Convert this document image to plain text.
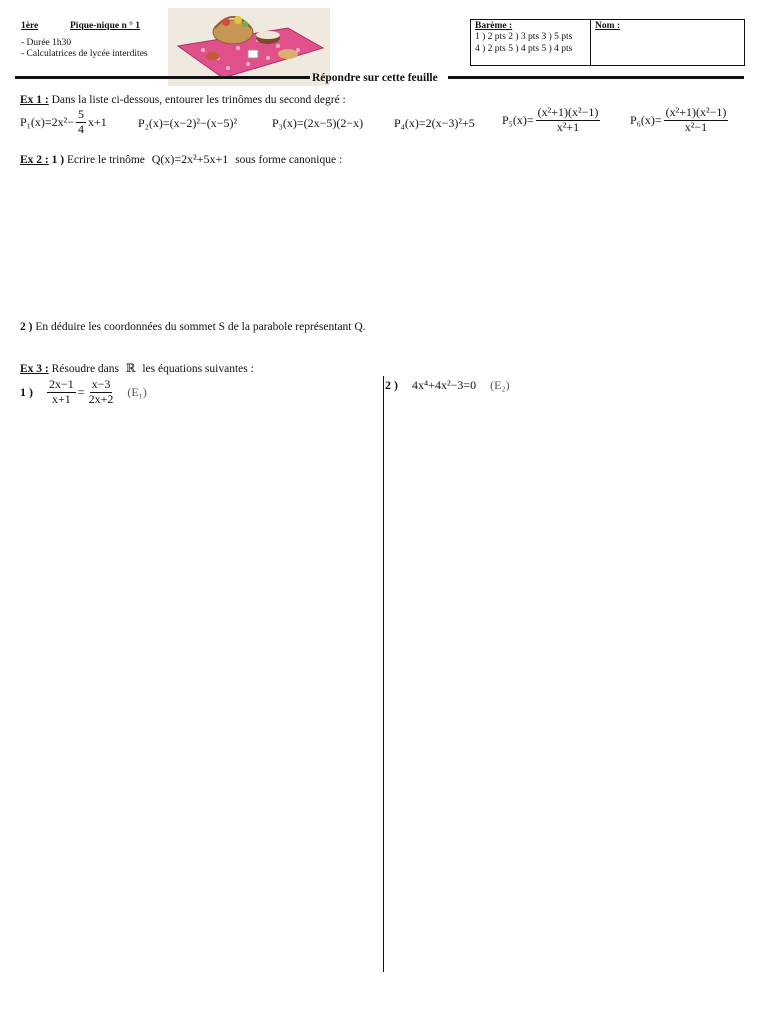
1ère	Pique-nique n ° 1
- Durée 1h30
- Calculatrices de lycée interdites
Barème :
1 ) 2 pts 2 ) 3 pts 3 ) 5 pts
4 ) 2 pts 5 ) 4 pts 5 ) 4 pts
Nom :
Répondre sur cette feuille
Ex 1 : Dans la liste ci-dessous, entourer les trinômes du second degré :
$P_1(x)=2x^2- \frac{5}{4} x+1$	P₂(x)=(x−2)²−(x−5)²	P₃(x)=(2x−5)(2−x)	P₄(x)=2(x−3)²+5 $P_5(x)= \frac{\text{(x²+1)(x²−1)}}{\text{x²+1}} P_6(x)= \frac{\text{(x²+1)(x²−1)}}{\text{x²−1}}$
Ex 2 : 1 ) Ecrire le trinôme Q(x)=2x²+5x+1 sous forme canonique :
2 ) En déduire les coordonnées du sommet S de la parabole représentant Q.
Ex 3 : Résoudre dans ℝ les équations suivantes :
1 ) $\frac{2x-1}{x+1} = \frac{x-3}{2x+2} (E_1)$	2 ) 4x⁴+4x²−3=0 (E₂)
